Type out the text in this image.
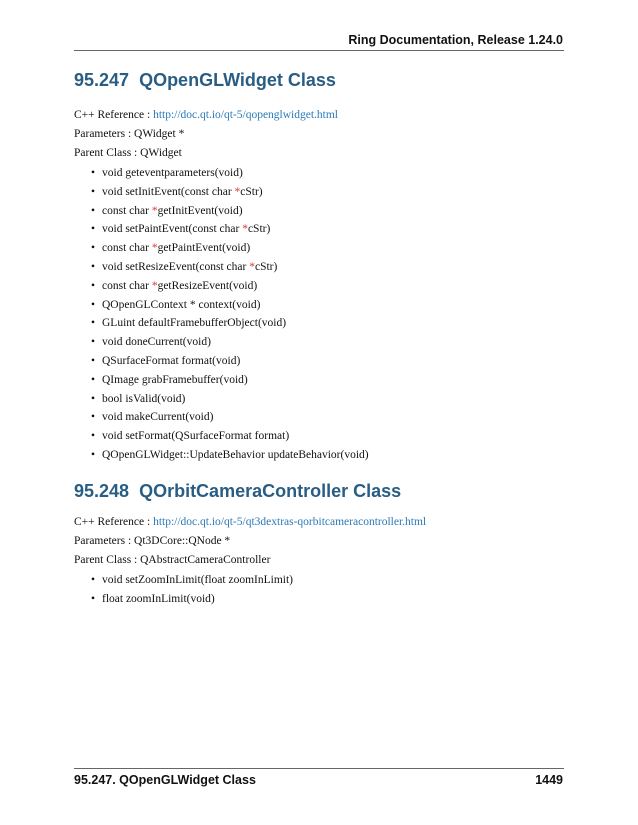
Ring Documentation, Release 1.24.0
95.247 QOpenGLWidget Class
C++ Reference : http://doc.qt.io/qt-5/qopenglwidget.html
Parameters : QWidget *
Parent Class : QWidget
• void geteventparameters(void)
• void setInitEvent(const char *cStr)
• const char *getInitEvent(void)
• void setPaintEvent(const char *cStr)
• const char *getPaintEvent(void)
• void setResizeEvent(const char *cStr)
• const char *getResizeEvent(void)
• QOpenGLContext * context(void)
• GLuint defaultFramebufferObject(void)
• void doneCurrent(void)
• QSurfaceFormat format(void)
• QImage grabFramebuffer(void)
• bool isValid(void)
• void makeCurrent(void)
• void setFormat(QSurfaceFormat format)
• QOpenGLWidget::UpdateBehavior updateBehavior(void)
95.248 QOrbitCameraController Class
C++ Reference : http://doc.qt.io/qt-5/qt3dextras-qorbitcameracontroller.html
Parameters : Qt3DCore::QNode *
Parent Class : QAbstractCameraController
• void setZoomInLimit(float zoomInLimit)
• float zoomInLimit(void)
95.247. QOpenGLWidget Class	1449
